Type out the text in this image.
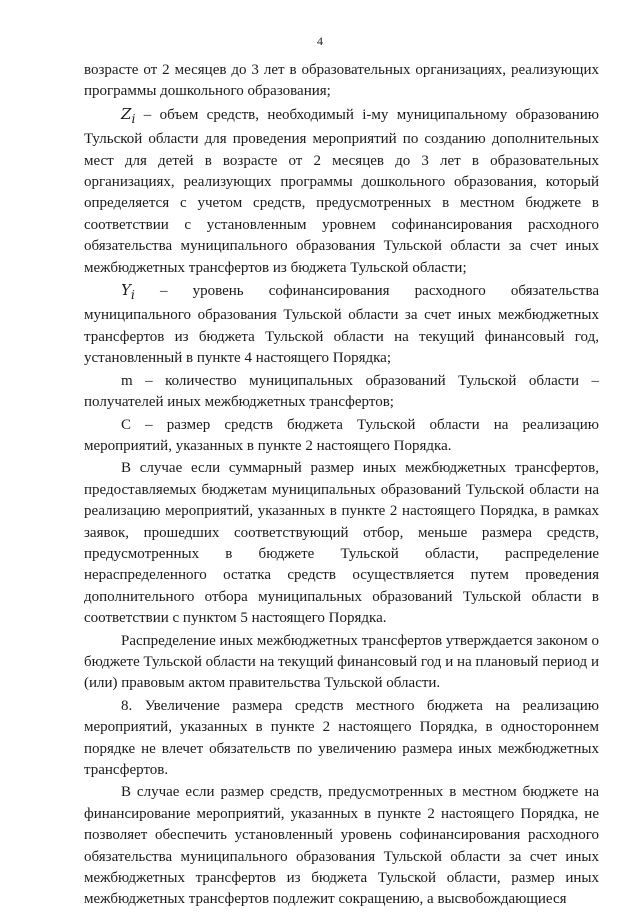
4

возрасте от 2 месяцев до 3 лет в образовательных организациях, реализующих программы дошкольного образования;

$Z_i$ – объем средств, необходимый i-му муниципальному образованию Тульской области для проведения мероприятий по созданию дополнительных мест для детей в возрасте от 2 месяцев до 3 лет в образовательных организациях, реализующих программы дошкольного образования, который определяется с учетом средств, предусмотренных в местном бюджете в соответствии с установленным уровнем софинансирования расходного обязательства муниципального образования Тульской области за счет иных межбюджетных трансфертов из бюджета Тульской области;

$Y_i$ – уровень софинансирования расходного обязательства муниципального образования Тульской области за счет иных межбюджетных трансфертов из бюджета Тульской области на текущий финансовый год, установленный в пункте 4 настоящего Порядка;

m – количество муниципальных образований Тульской области – получателей иных межбюджетных трансфертов;

C – размер средств бюджета Тульской области на реализацию мероприятий, указанных в пункте 2 настоящего Порядка.

В случае если суммарный размер иных межбюджетных трансфертов, предоставляемых бюджетам муниципальных образований Тульской области на реализацию мероприятий, указанных в пункте 2 настоящего Порядка, в рамках заявок, прошедших соответствующий отбор, меньше размера средств, предусмотренных в бюджете Тульской области, распределение нераспределенного остатка средств осуществляется путем проведения дополнительного отбора муниципальных образований Тульской области в соответствии с пунктом 5 настоящего Порядка.

Распределение иных межбюджетных трансфертов утверждается законом о бюджете Тульской области на текущий финансовый год и на плановый период и (или) правовым актом правительства Тульской области.

8. Увеличение размера средств местного бюджета на реализацию мероприятий, указанных в пункте 2 настоящего Порядка, в одностороннем порядке не влечет обязательств по увеличению размера иных межбюджетных трансфертов.

В случае если размер средств, предусмотренных в местном бюджете на финансирование мероприятий, указанных в пункте 2 настоящего Порядка, не позволяет обеспечить установленный уровень софинансирования расходного обязательства муниципального образования Тульской области за счет иных межбюджетных трансфертов из бюджета Тульской области, размер иных межбюджетных трансфертов подлежит сокращению, а высвобождающиеся
